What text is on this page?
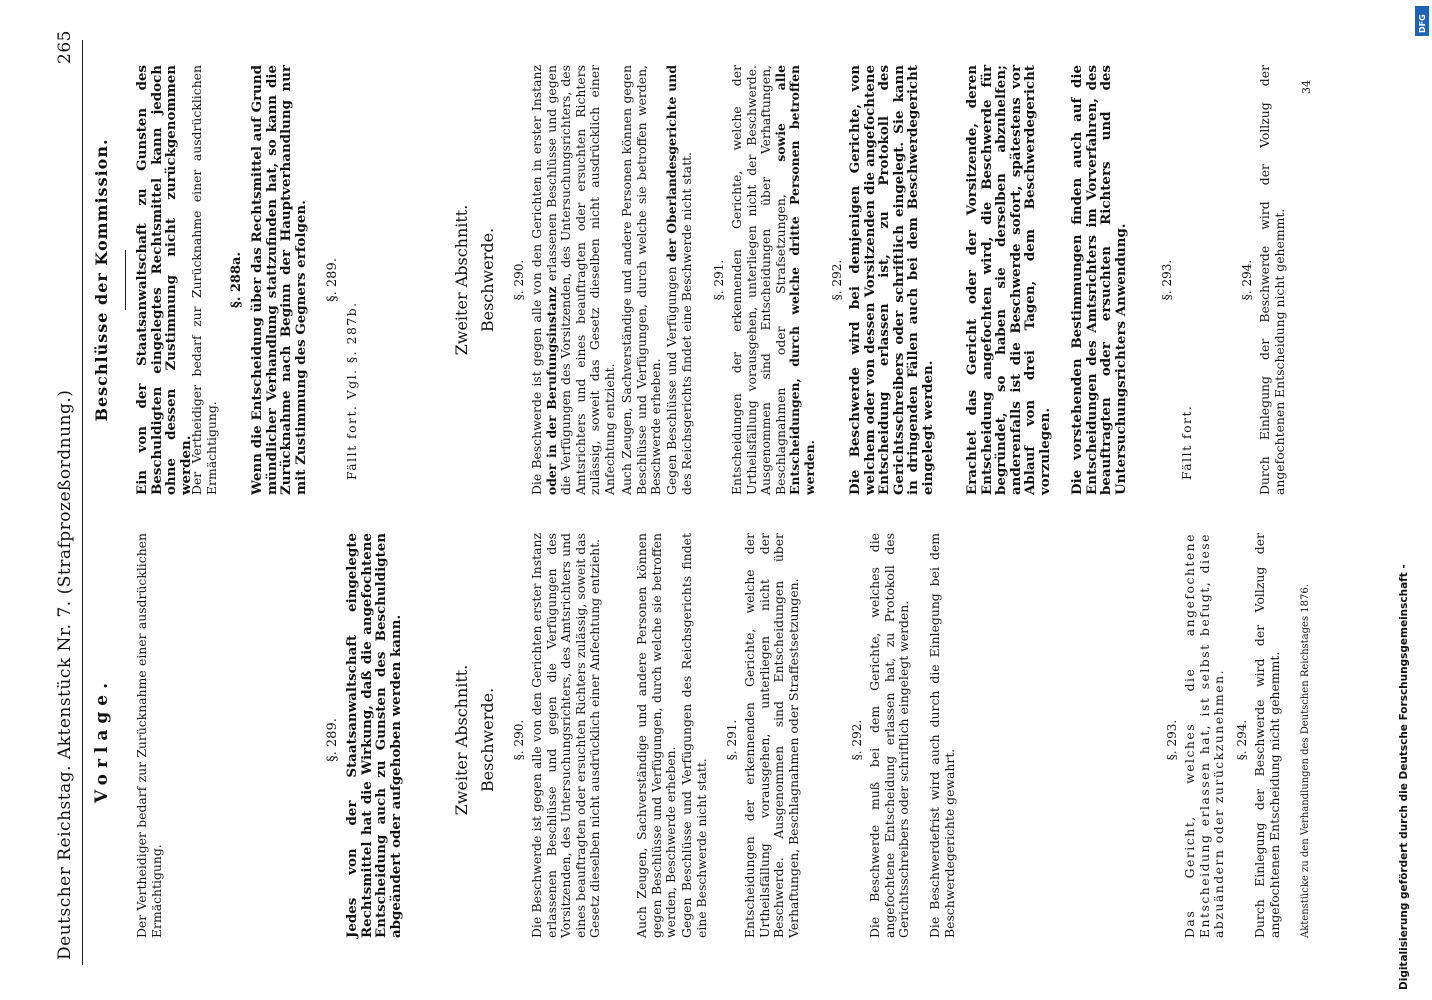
Deutscher Reichstag. Aktenstück Nr. 7. (Strafprozeßordnung.)
265
Vorlage. Der Vertheidiger bedarf zur Zurücknahme einer ausdrücklichen Ermächtigung.
§. 289. Jedes von der Staatsanwaltschaft eingelegte Rechtsmittel hat die Wirkung, daß die angefochtene Entscheidung auch zu Gunsten des Beschuldigten abgeändert oder aufgehoben werden kann.	Zweiter Abschnitt. Beschwerde. §. 290. Die Beschwerde ist gegen alle von den Gerichten erster Instanz erlassenen Beschlüsse und gegen die Verfügungen des Vorsitzenden, des Untersuchungsrichters, des Amtsrichters und eines beauftragten oder ersuchten Richters zulässig, soweit das Gesetz dieselben nicht ausdrücklich einer Anfechtung entzieht.	Auch Zeugen, Sachverständige und andere Personen können gegen Beschlüsse und Verfügungen, durch welche sie betroffen werden, Beschwerde erheben. Gegen Beschlüsse und Verfügungen des Reichsgerichts findet eine Beschwerde nicht statt.
§. 291. Entscheidungen der erkennenden Gerichte, welche der Urtheilsfällung vorausgehen, unterliegen nicht der Beschwerde. Ausgenommen sind Entscheidungen über Verhaftungen, Beschlagnahmen oder Straffestsetzungen.	§. 292. Die Beschwerde muß bei dem Gerichte, welches die angefochtene Entscheidung erlassen hat, zu Protokoll des Gerichtsschreibers oder schriftlich eingelegt werden. Die Beschwerdefrist wird auch durch die Einlegung bei dem Beschwerdegerichte gewahrt.
§. 293. Das Gericht, welches die angefochtene Entscheidung erlassen hat, ist selbst befugt, diese abzuändern oder zurückzunehmen. §. 294. Durch Einlegung der Beschwerde wird der Vollzug der angefochtenen Entscheidung nicht gehemmt. Aktenstücke zu den Verhandlungen des Deutschen Reichstages 1876.
Beschlüsse der Kommission. Ein von der Staatsanwaltschaft zu Gunsten des Beschuldigten eingelegtes Rechtsmittel kann jedoch ohne dessen Zustimmung nicht zurückgenommen werden.
Der Vertheidiger bedarf zur Zurücknahme einer ausdrücklichen Ermächtigung.
§. 288a. Wenn die Entscheidung über das Rechtsmittel auf Grund mündlicher Verhandlung stattzufinden hat, so kann die Zurücknahme nach Beginn der Hauptverhandlung nur mit Zustimmung des Gegners erfolgen. §. 289.
Fällt fort. Vgl. §. 287b.
Zweiter Abschnitt. Beschwerde. §. 290. Die Beschwerde ist gegen alle von den Gerichten in erster Instanz oder in der Berufungsinstanz erlassenen Beschlüsse und gegen die Verfügungen des Vorsitzenden, des Untersuchungsrichters, des Amtsrichters und eines beauftragten oder ersuchten Richters zulässig, soweit das Gesetz dieselben nicht ausdrücklich einer Anfechtung entzieht. Auch Zeugen, Sachverständige und andere Personen können gegen Beschlüsse und Verfügungen, durch welche sie betroffen werden, Beschwerde erheben. Gegen Beschlüsse und Verfügungen der Oberlandesgerichte und des Reichsgerichts findet eine Beschwerde nicht statt. §. 291. Entscheidungen der erkennenden Gerichte, welche der Urtheilsfällung vorausgehen, unterliegen nicht der Beschwerde. Ausgenommen sind Entscheidungen über Verhaftungen, Beschlagnahmen oder Strafsetzungen, sowie alle Entscheidungen, durch welche dritte Personen betroffen werden.
§. 292. Die Beschwerde wird bei demjenigen Gerichte, von welchem oder von dessen Vorsitzenden die angefochtene Entscheidung erlassen ist, zu Protokoll des Gerichtsschreibers oder schriftlich eingelegt. Sie kann in dringenden Fällen auch bei dem Beschwerdegericht eingelegt werden. Erachtet das Gericht oder der Vorsitzende, deren Entscheidung angefochten wird, die Beschwerde für begründet, so haben sie derselben abzuhelfen; anderenfalls ist die Beschwerde sofort, spätestens vor Ablauf von drei Tagen, dem Beschwerdegericht vorzulegen. Die vorstehenden Bestimmungen finden auch auf die Entscheidungen des Amtsrichters im Vorverfahren, des beauftragten oder ersuchten Richters und des Untersuchungsrichters Anwendung.	§. 293.
Fällt fort.
§. 294. Durch Einlegung der Beschwerde wird der Vollzug der angefochtenen Entscheidung nicht gehemmt.
34
Digitalisierung gefördert durch die Deutsche Forschungsgemeinschaft -
DFG
